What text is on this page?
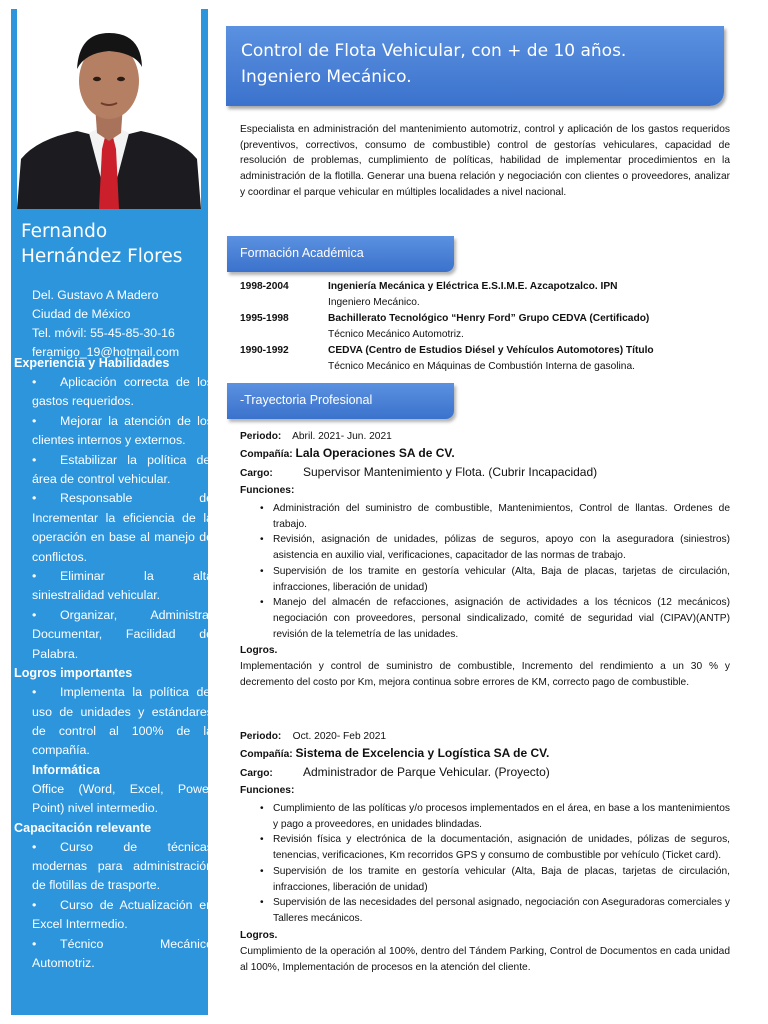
Fernando
Hernández Flores
Del. Gustavo A Madero
Ciudad de México
Tel. móvil: 55-45-85-30-16
feramigo_19@hotmail.com
Experiencia y Habilidades
• Aplicación correcta de los gastos requeridos.
• Mejorar la atención de los clientes internos y externos.
• Estabilizar la política del área de control vehicular.
• Responsable de Incrementar la eficiencia de la operación en base al manejo de conflictos.
• Eliminar la alta siniestralidad vehicular.
• Organizar, Administrar Documentar, Facilidad de Palabra.
Logros importantes
• Implementa la política del uso de unidades y estándares de control al 100% de la compañía.
Informática
Office (Word, Excel, Power Point) nivel intermedio.
Capacitación relevante
• Curso de técnicas modernas para administración de flotillas de trasporte.
• Curso de Actualización en Excel Intermedio.
• Técnico Mecánico Automotriz.
Control de Flota Vehicular, con + de 10 años.
Ingeniero Mecánico.
Especialista en administración del mantenimiento automotriz, control y aplicación de los gastos requeridos (preventivos, correctivos, consumo de combustible) control de gestorías vehiculares, capacidad de resolución de problemas, cumplimiento de políticas, habilidad de implementar procedimientos en la administración de la flotilla. Generar una buena relación y negociación con clientes o proveedores, analizar y coordinar el parque vehicular en múltiples localidades a nivel nacional.
Formación Académica
1998-2004	Ingeniería Mecánica y Eléctrica E.S.I.M.E. Azcapotzalco. IPN
Ingeniero Mecánico.
1995-1998	Bachillerato Tecnológico “Henry Ford” Grupo CEDVA (Certificado)
Técnico Mecánico Automotriz.
1990-1992	CEDVA (Centro de Estudios Diésel y Vehículos Automotores) Título
Técnico Mecánico en Máquinas de Combustión Interna de gasolina.
-Trayectoria Profesional
Periodo: Abril. 2021- Jun. 2021
Compañía: Lala Operaciones SA de CV.
Cargo:	Supervisor Mantenimiento y Flota. (Cubrir Incapacidad)
Funciones:
• Administración del suministro de combustible, Mantenimientos, Control de llantas. Ordenes de trabajo.
• Revisión, asignación de unidades, pólizas de seguros, apoyo con la aseguradora (siniestros) asistencia en auxilio vial, verificaciones, capacitador de las normas de trabajo.
• Supervisión de los tramite en gestoría vehicular (Alta, Baja de placas, tarjetas de circulación, infracciones, liberación de unidad)
• Manejo del almacén de refacciones, asignación de actividades a los técnicos (12 mecánicos) negociación con proveedores, personal sindicalizado, comité de seguridad vial (CIPAV)(ANTP) revisión de la telemetría de las unidades.
Logros.
Implementación y control de suministro de combustible, Incremento del rendimiento a un 30 % y decremento del costo por Km, mejora continua sobre errores de KM, correcto pago de combustible.
Periodo: Oct. 2020- Feb 2021
Compañía: Sistema de Excelencia y Logística SA de CV.
Cargo:	Administrador de Parque Vehicular. (Proyecto)
Funciones:
• Cumplimiento de las políticas y/o procesos implementados en el área, en base a los mantenimientos y pago a proveedores, en unidades blindadas.
• Revisión física y electrónica de la documentación, asignación de unidades, pólizas de seguros, tenencias, verificaciones, Km recorridos GPS y consumo de combustible por vehículo (Ticket card).
• Supervisión de los tramite en gestoría vehicular (Alta, Baja de placas, tarjetas de circulación, infracciones, liberación de unidad)
• Supervisión de las necesidades del personal asignado, negociación con Aseguradoras comerciales y Talleres mecánicos.
Logros.
Cumplimiento de la operación al 100%, dentro del Tándem Parking, Control de Documentos en cada unidad al 100%, Implementación de procesos en la atención del cliente.
